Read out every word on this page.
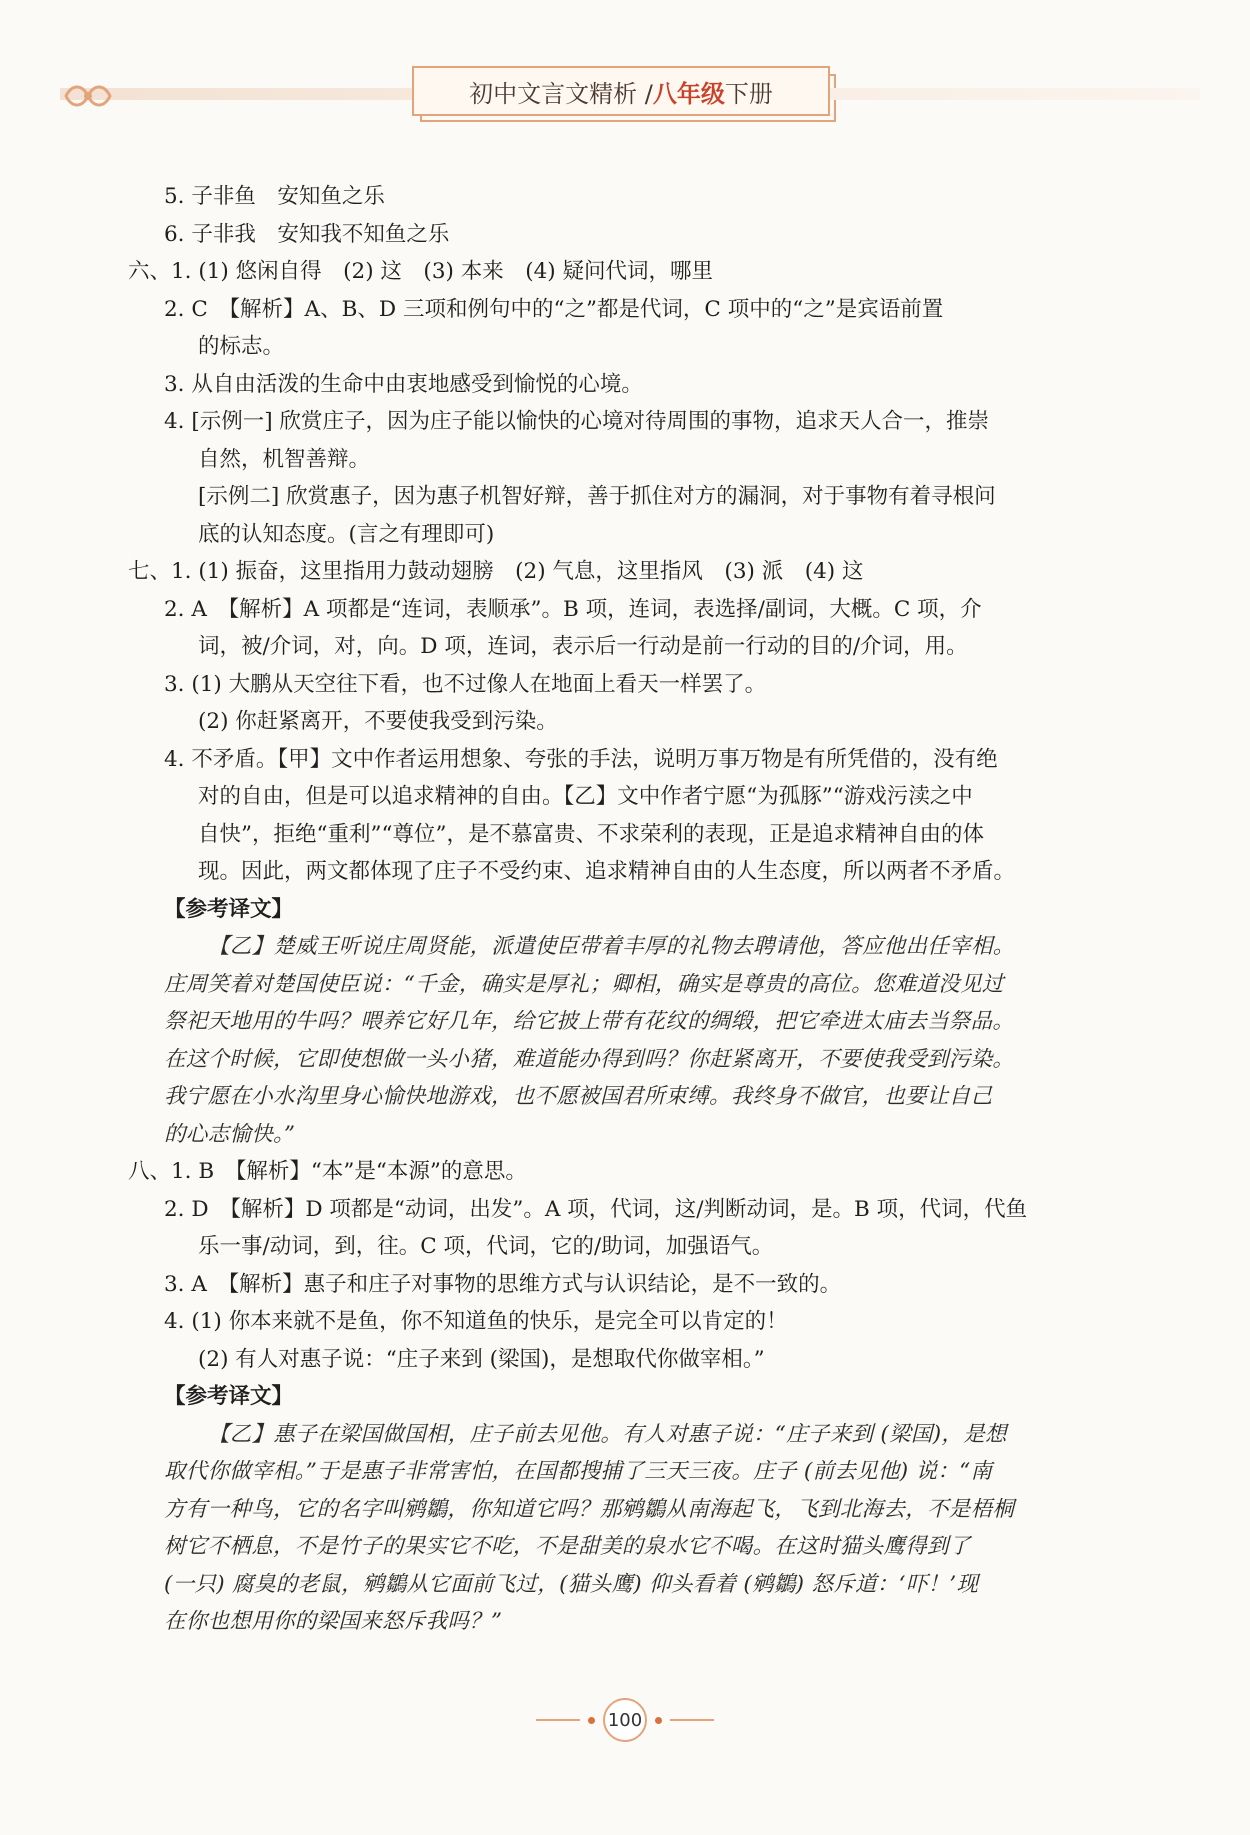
初中文言文精析 / 八年级 下册
5. 子非鱼　安知鱼之乐
6. 子非我　安知我不知鱼之乐
六、1. (1) 悠闲自得　(2) 这　(3) 本来　(4) 疑问代词，哪里
2. C　【解析】A、B、D 三项和例句中的“之”都是代词，C 项中的“之”是宾语前置
的标志。
3. 从自由活泼的生命中由衷地感受到愉悦的心境。
4. [示例一] 欣赏庄子，因为庄子能以愉快的心境对待周围的事物，追求天人合一，推崇
自然，机智善辩。
[示例二] 欣赏惠子，因为惠子机智好辩，善于抓住对方的漏洞，对于事物有着寻根问
底的认知态度。(言之有理即可)
七、1. (1) 振奋，这里指用力鼓动翅膀　(2) 气息，这里指风　(3) 派　(4) 这
2. A　【解析】A 项都是“连词，表顺承”。B 项，连词，表选择/副词，大概。C 项，介
词，被/介词，对，向。D 项，连词，表示后一行动是前一行动的目的/介词，用。
3. (1) 大鹏从天空往下看，也不过像人在地面上看天一样罢了。
(2) 你赶紧离开，不要使我受到污染。
4. 不矛盾。【甲】文中作者运用想象、夸张的手法，说明万事万物是有所凭借的，没有绝
对的自由，但是可以追求精神的自由。【乙】文中作者宁愿“为孤豚”“游戏污渎之中
自快”，拒绝“重利”“尊位”，是不慕富贵、不求荣利的表现，正是追求精神自由的体
现。因此，两文都体现了庄子不受约束、追求精神自由的人生态度，所以两者不矛盾。
【参考译文】
【乙】楚威王听说庄周贤能，派遣使臣带着丰厚的礼物去聘请他，答应他出任宰相。
庄周笑着对楚国使臣说：“千金，确实是厚礼；卿相，确实是尊贵的高位。您难道没见过
祭祀天地用的牛吗？喂养它好几年，给它披上带有花纹的绸缎，把它牵进太庙去当祭品。
在这个时候，它即使想做一头小猪，难道能办得到吗？你赶紧离开，不要使我受到污染。
我宁愿在小水沟里身心愉快地游戏，也不愿被国君所束缚。我终身不做官，也要让自己
的心志愉快。”
八、1. B　【解析】“本”是“本源”的意思。
2. D　【解析】D 项都是“动词，出发”。A 项，代词，这/判断动词，是。B 项，代词，代鱼
乐一事/动词，到，往。C 项，代词，它的/助词，加强语气。
3. A　【解析】惠子和庄子对事物的思维方式与认识结论，是不一致的。
4. (1) 你本来就不是鱼，你不知道鱼的快乐，是完全可以肯定的！
(2) 有人对惠子说：“庄子来到 (梁国)，是想取代你做宰相。”
【参考译文】
【乙】惠子在梁国做国相，庄子前去见他。有人对惠子说：“庄子来到 (梁国)，是想
取代你做宰相。”于是惠子非常害怕，在国都搜捕了三天三夜。庄子 (前去见他) 说：“南
方有一种鸟，它的名字叫鹓鶵，你知道它吗？那鹓鶵从南海起飞，飞到北海去，不是梧桐
树它不栖息，不是竹子的果实它不吃，不是甜美的泉水它不喝。在这时猫头鹰得到了
(一只) 腐臭的老鼠，鹓鶵从它面前飞过，(猫头鹰) 仰头看着 (鹓鶵) 怒斥道：‘吓！’现
在你也想用你的梁国来怒斥我吗？”
100
